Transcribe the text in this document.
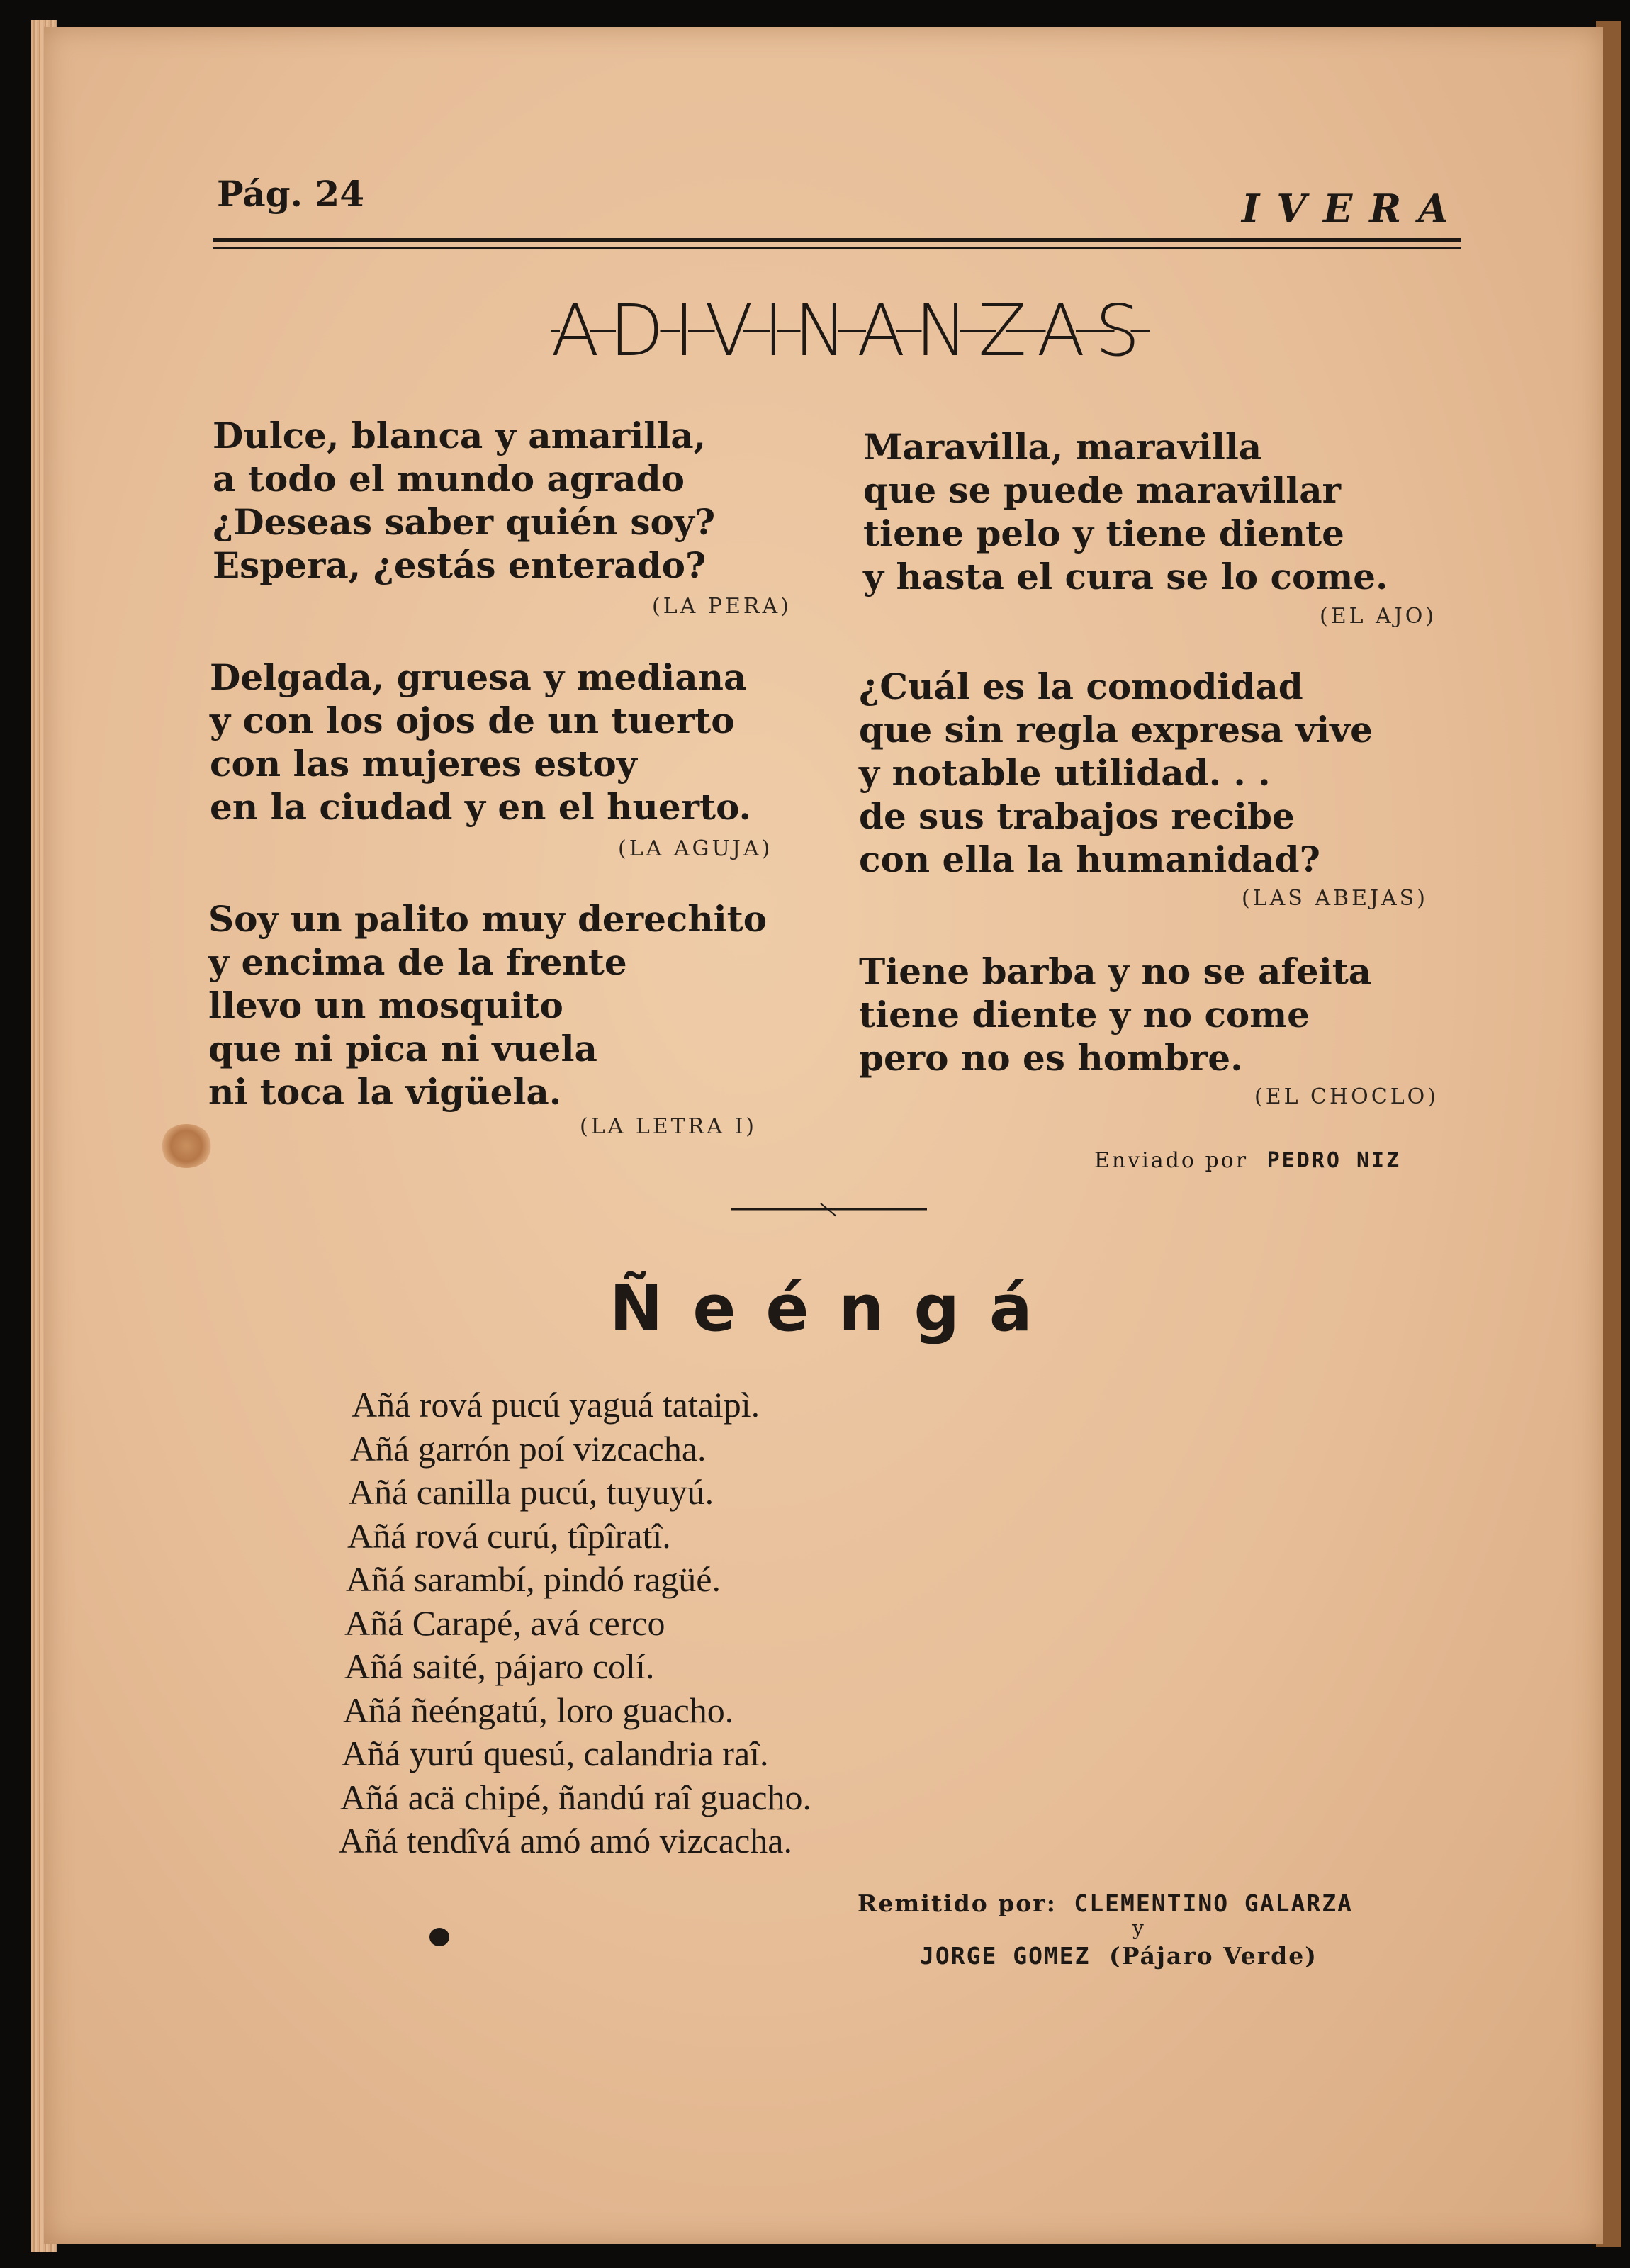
Pág. 24	IVERA
ADIVINANZAS
Dulce, blanca y amarilla,
a todo el mundo agrado
¿Deseas saber quién soy?
Espera, ¿estás enterado?
(LA PERA)
Delgada, gruesa y mediana
y con los ojos de un tuerto
con las mujeres estoy
en la ciudad y en el huerto.
(LA AGUJA)
Soy un palito muy derechito
y encima de la frente
llevo un mosquito
que ni pica ni vuela
ni toca la vigüela.
(LA LETRA I)
Maravilla, maravilla
que se puede maravillar
tiene pelo y tiene diente
y hasta el cura se lo come.
(EL AJO)
¿Cuál es la comodidad
que sin regla expresa vive
y notable utilidad. . .
de sus trabajos recibe
con ella la humanidad?
(LAS ABEJAS)
Tiene barba y no se afeita
tiene diente y no come
pero no es hombre.
(EL CHOCLO)
Enviado por PEDRO NIZ
Ñeéngá
Añá rová pucú yaguá tataipì.
Añá garrón poí vizcacha.
Añá canilla pucú, tuyuyú.
Añá rová curú, tîpîratî.
Añá sarambí, pindó ragüé.
Añá Carapé, avá cerco
Añá saité, pájaro colí.
Añá ñeéngatú, loro guacho.
Añá yurú quesú, calandria raî.
Añá acä chipé, ñandú raî guacho.
Añá tendîvá amó amó vizcacha.
Remitido por: CLEMENTINO GALARZA
y
JORGE GOMEZ (Pájaro Verde)
